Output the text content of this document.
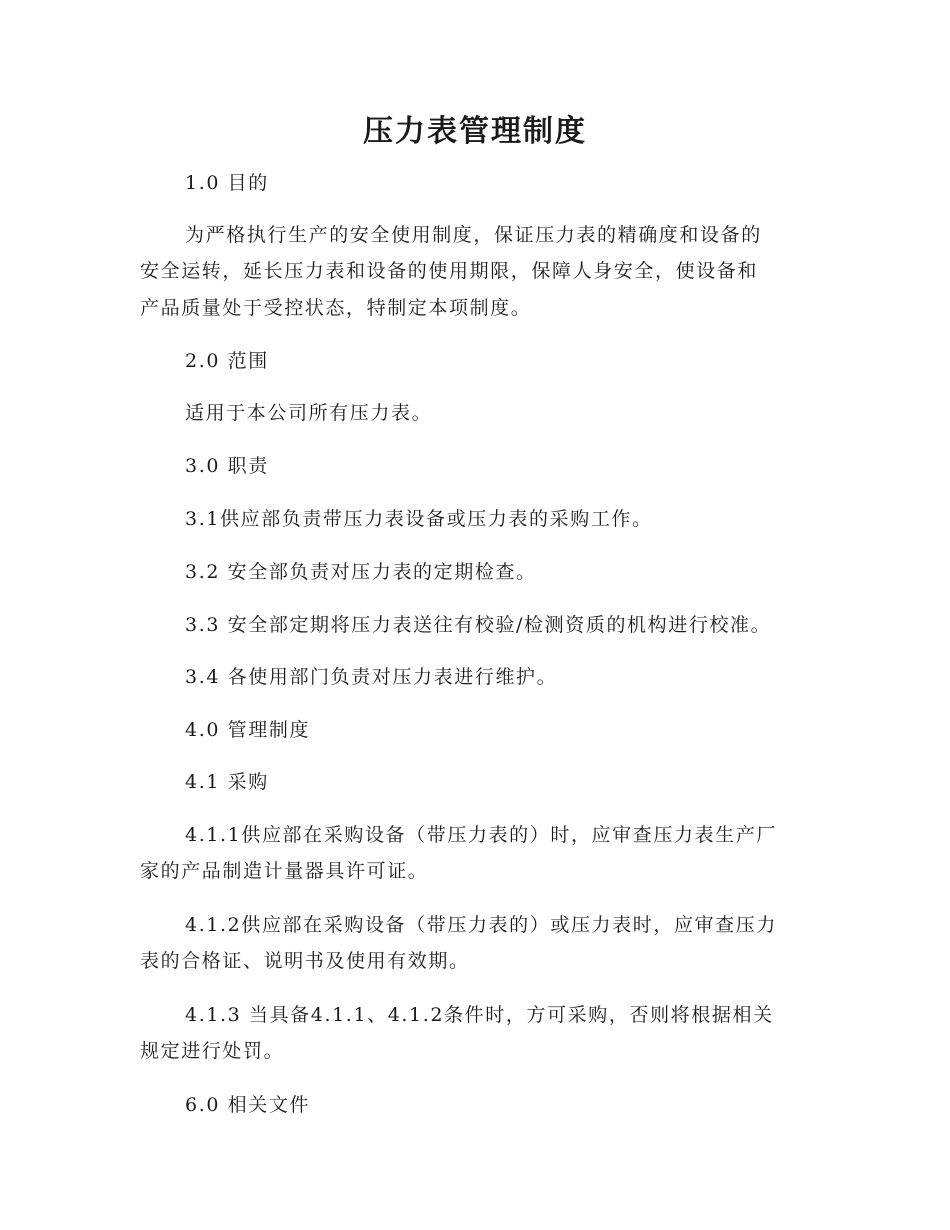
压力表管理制度
1.0 目的
为严格执行生产的安全使用制度，保证压力表的精确度和设备的
安全运转，延长压力表和设备的使用期限，保障人身安全，使设备和
产品质量处于受控状态，特制定本项制度。
2.0 范围
适用于本公司所有压力表。
3.0 职责
3.1供应部负责带压力表设备或压力表的采购工作。
3.2 安全部负责对压力表的定期检查。
3.3 安全部定期将压力表送往有校验/检测资质的机构进行校准。
3.4 各使用部门负责对压力表进行维护。
4.0 管理制度
4.1 采购
4.1.1供应部在采购设备（带压力表的）时，应审查压力表生产厂
家的产品制造计量器具许可证。
4.1.2供应部在采购设备（带压力表的）或压力表时，应审查压力
表的合格证、说明书及使用有效期。
4.1.3 当具备4.1.1、4.1.2条件时，方可采购，否则将根据相关
规定进行处罚。
6.0 相关文件
